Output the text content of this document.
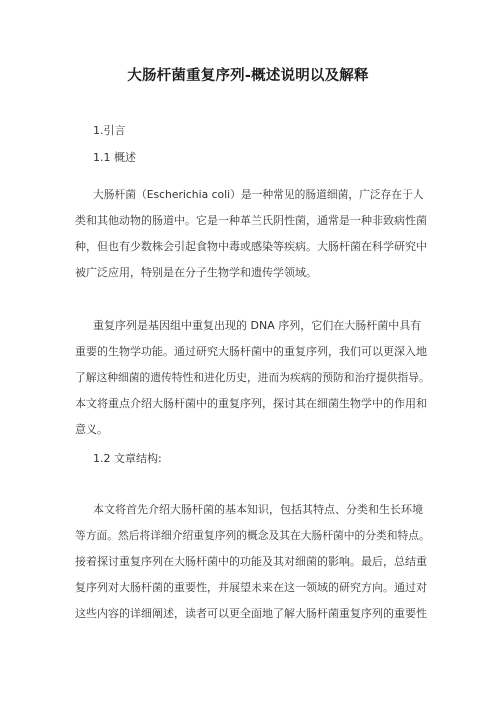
大肠杆菌重复序列-概述说明以及解释
1.引言
1.1 概述
大肠杆菌（Escherichia coli）是一种常见的肠道细菌，广泛存在于人
类和其他动物的肠道中。它是一种革兰氏阴性菌，通常是一种非致病性菌
种，但也有少数株会引起食物中毒或感染等疾病。大肠杆菌在科学研究中
被广泛应用，特别是在分子生物学和遗传学领域。
重复序列是基因组中重复出现的 DNA 序列，它们在大肠杆菌中具有
重要的生物学功能。通过研究大肠杆菌中的重复序列，我们可以更深入地
了解这种细菌的遗传特性和进化历史，进而为疾病的预防和治疗提供指导。
本文将重点介绍大肠杆菌中的重复序列，探讨其在细菌生物学中的作用和
意义。
1.2 文章结构:
本文将首先介绍大肠杆菌的基本知识，包括其特点、分类和生长环境
等方面。然后将详细介绍重复序列的概念及其在大肠杆菌中的分类和特点。
接着探讨重复序列在大肠杆菌中的功能及其对细菌的影响。最后，总结重
复序列对大肠杆菌的重要性，并展望未来在这一领域的研究方向。通过对
这些内容的详细阐述，读者可以更全面地了解大肠杆菌重复序列的重要性
